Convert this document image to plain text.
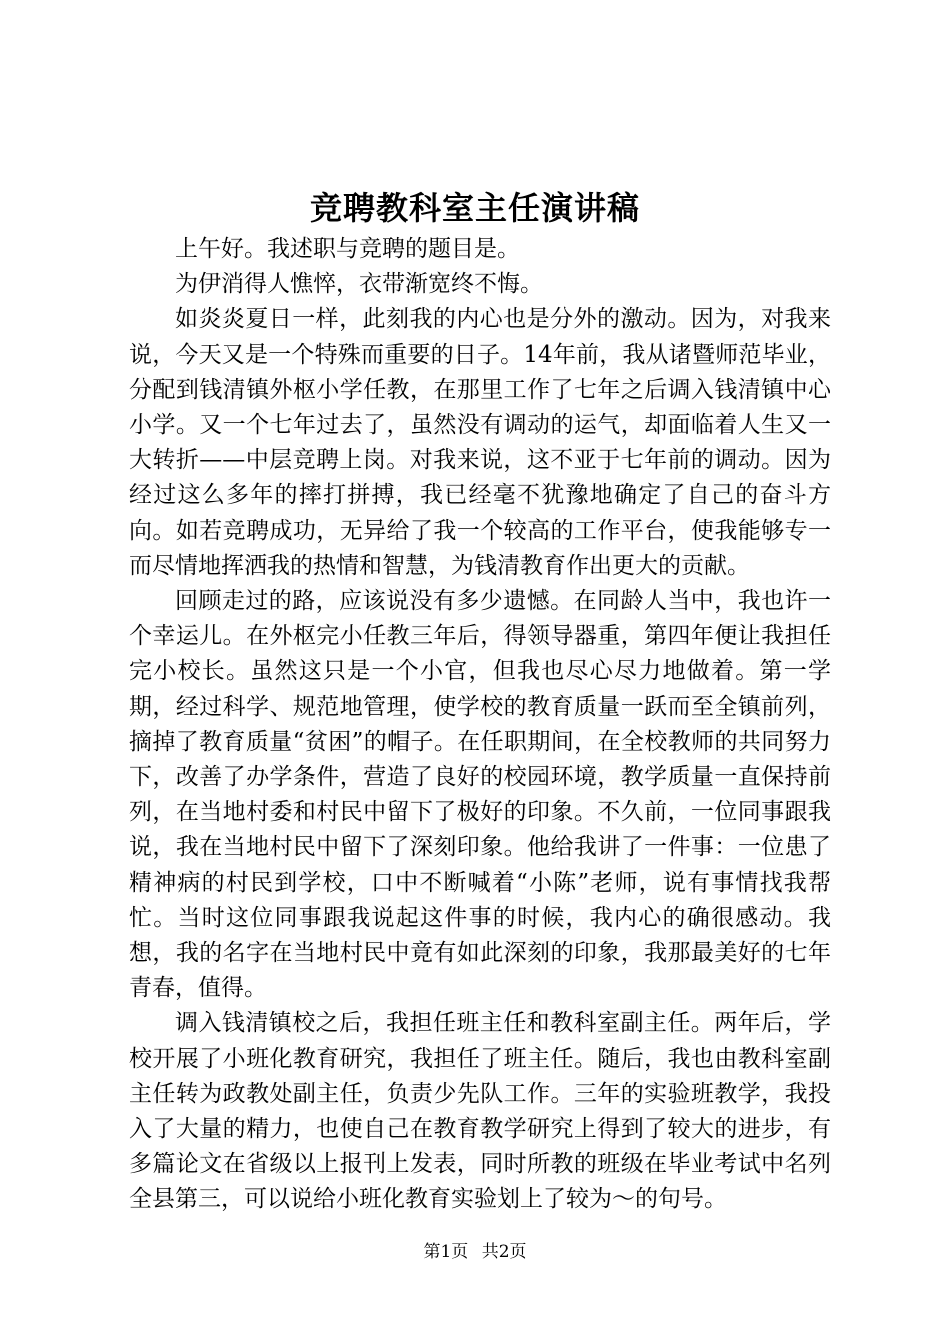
竞聘教科室主任演讲稿

上午好。我述职与竞聘的题目是。

为伊消得人憔悴，衣带渐宽终不悔。

如炎炎夏日一样，此刻我的内心也是分外的激动。因为，对我来说，今天又是一个特殊而重要的日子。14年前，我从诸暨师范毕业，分配到钱清镇外枢小学任教，在那里工作了七年之后调入钱清镇中心小学。又一个七年过去了，虽然没有调动的运气，却面临着人生又一大转折——中层竞聘上岗。对我来说，这不亚于七年前的调动。因为经过这么多年的摔打拼搏，我已经毫不犹豫地确定了自己的奋斗方向。如若竞聘成功，无异给了我一个较高的工作平台，使我能够专一而尽情地挥洒我的热情和智慧，为钱清教育作出更大的贡献。

回顾走过的路，应该说没有多少遗憾。在同龄人当中，我也许一个幸运儿。在外枢完小任教三年后，得领导器重，第四年便让我担任完小校长。虽然这只是一个小官，但我也尽心尽力地做着。第一学期，经过科学、规范地管理，使学校的教育质量一跃而至全镇前列，摘掉了教育质量“贫困”的帽子。在任职期间，在全校教师的共同努力下，改善了办学条件，营造了良好的校园环境，教学质量一直保持前列，在当地村委和村民中留下了极好的印象。不久前，一位同事跟我说，我在当地村民中留下了深刻印象。他给我讲了一件事：一位患了精神病的村民到学校，口中不断喊着“小陈”老师，说有事情找我帮忙。当时这位同事跟我说起这件事的时候，我内心的确很感动。我想，我的名字在当地村民中竟有如此深刻的印象，我那最美好的七年青春，值得。

调入钱清镇校之后，我担任班主任和教科室副主任。两年后，学校开展了小班化教育研究，我担任了班主任。随后，我也由教科室副主任转为政教处副主任，负责少先队工作。三年的实验班教学，我投入了大量的精力，也使自己在教育教学研究上得到了较大的进步，有多篇论文在省级以上报刊上发表，同时所教的班级在毕业考试中名列全县第三，可以说给小班化教育实验划上了较为～的句号。

第1页 共2页
